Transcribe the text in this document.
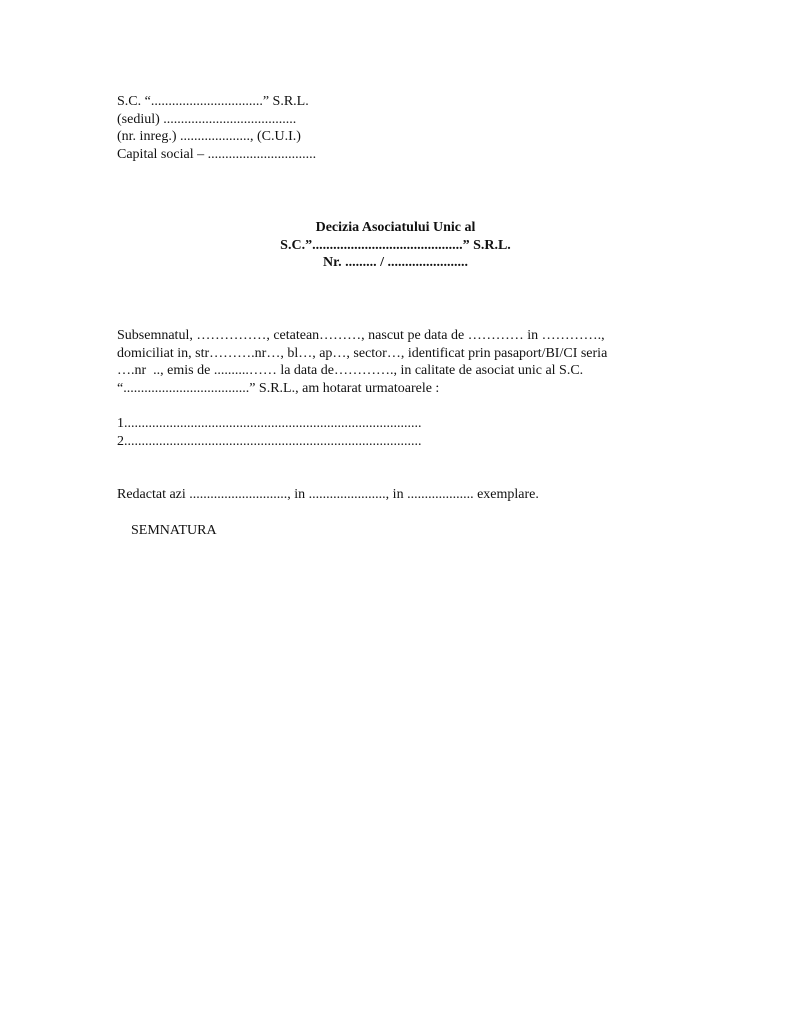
S.C. “................................” S.R.L.
(sediul) ......................................
(nr. inreg.) ...................., (C.U.I.)
Capital social – ...............................
Decizia Asociatului Unic al
S.C.”...........................................” S.R.L.
Nr. ......... / .......................
Subsemnatul, ……………, cetatean………, nascut pe data de ………… in ………….,
domiciliat in, str……….nr…, bl…, ap…, sector…, identificat prin pasaport/BI/CI seria
….nr  .., emis de ..........…… la data de…………., in calitate de asociat unic al S.C.
“....................................” S.R.L., am hotarat urmatoarele :
1.....................................................................................
2.....................................................................................
Redactat azi ............................, in ......................, in ................... exemplare.
SEMNATURA
